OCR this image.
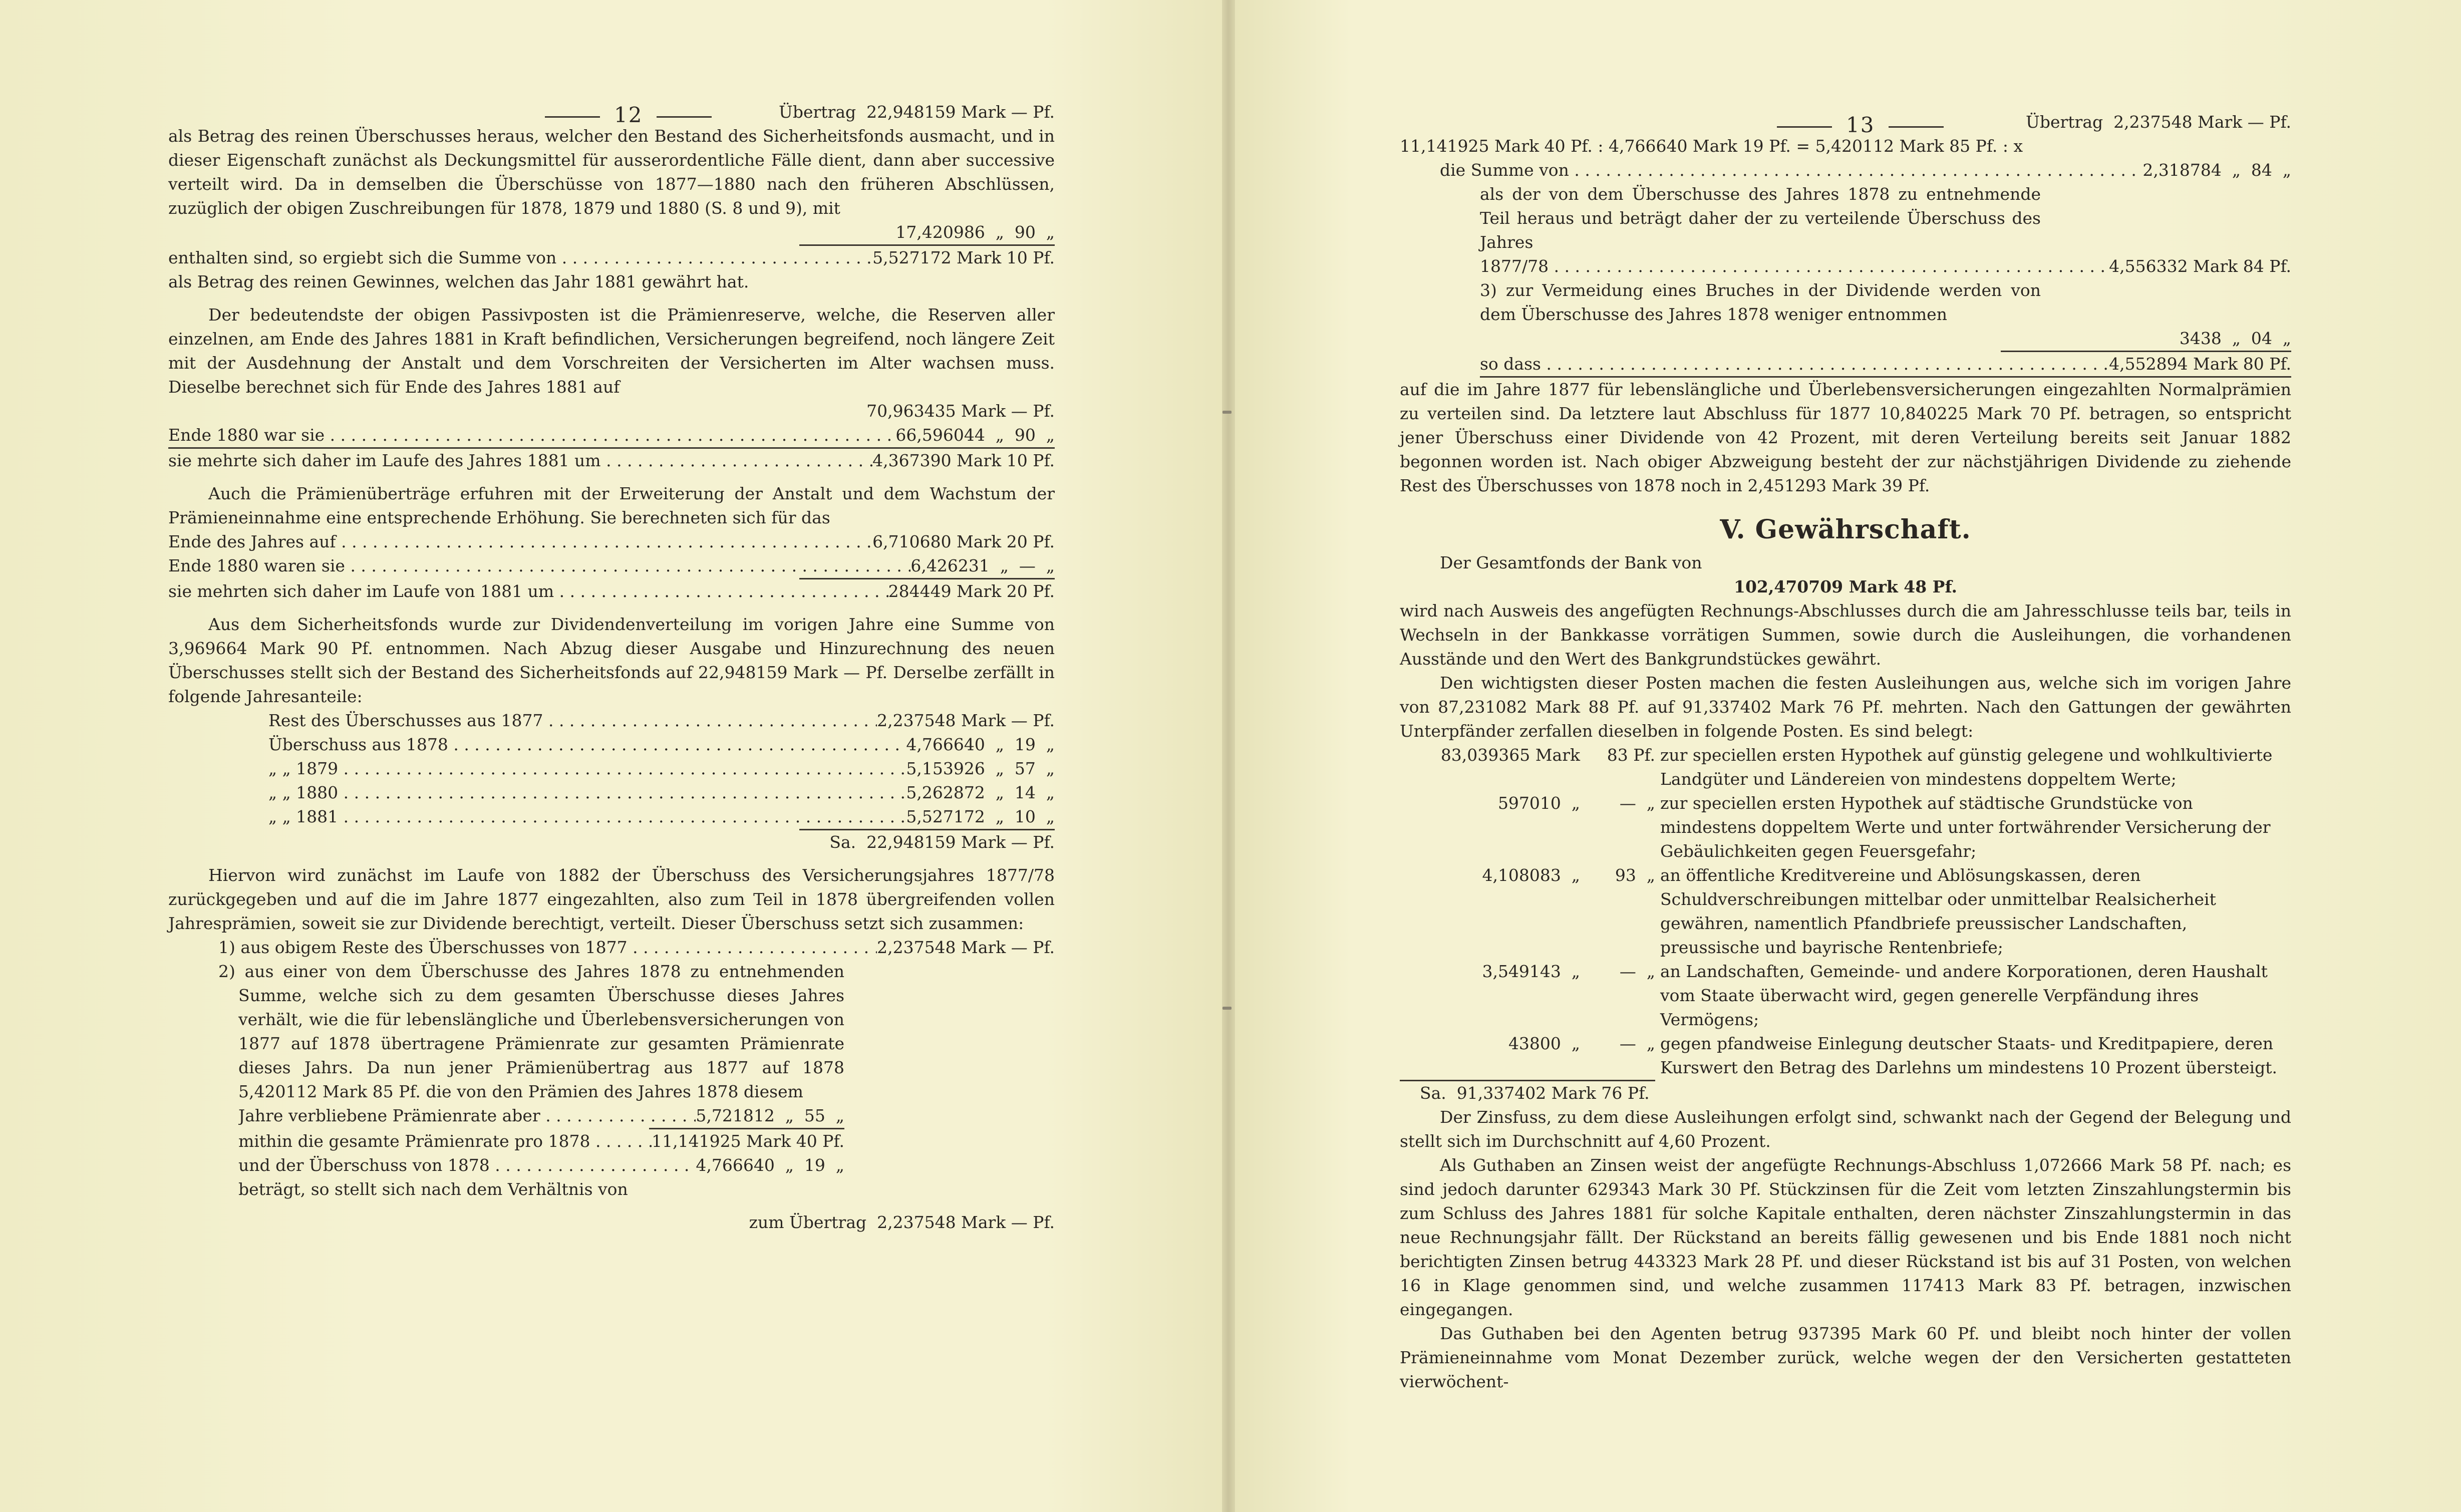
12	Übertrag  22,948159 Mark — Pf.

als Betrag des reinen Überschusses heraus, welcher den Bestand des Sicherheitsfonds ausmacht, und in dieser Eigenschaft zunächst als Deckungsmittel für ausserordentliche Fälle dient, dann aber successive verteilt wird. Da in demselben die Überschüsse von 1877—1880 nach den früheren Abschlüssen, zuzüglich der obigen Zuschreibungen für 1878, 1879 und 1880 (S. 8 und 9), mit

17,420986  „  90  „
enthalten sind, so ergiebt sich die Summe von . .	5,527172 Mark 10 Pf.

als Betrag des reinen Gewinnes, welchen das Jahr 1881 gewährt hat.

Der bedeutendste der obigen Passivposten ist die Prämienreserve, welche, die Reserven aller einzelnen, am Ende des Jahres 1881 in Kraft befindlichen, Versicherungen begreifend, noch längere Zeit mit der Ausdehnung der Anstalt und dem Vorschreiten der Versicherten im Alter wachsen muss. Dieselbe berechnet sich für Ende des Jahres 1881 auf

70,963435 Mark — Pf.
Ende 1880 war sie . .	66,596044  „  90  „
sie mehrte sich daher im Laufe des Jahres 1881 um . .	4,367390 Mark 10 Pf.

Auch die Prämienüberträge erfuhren mit der Erweiterung der Anstalt und dem Wachstum der Prämieneinnahme eine entsprechende Erhöhung. Sie berechneten sich für das

Ende des Jahres auf . .	6,710680 Mark 20 Pf.
Ende 1880 waren sie . .	6,426231  „  —  „
sie mehrten sich daher im Laufe von 1881 um . .	284449 Mark 20 Pf.

Aus dem Sicherheitsfonds wurde zur Dividendenverteilung im vorigen Jahre eine Summe von 3,969664 Mark 90 Pf. entnommen. Nach Abzug dieser Ausgabe und Hinzurechnung des neuen Überschusses stellt sich der Bestand des Sicherheitsfonds auf 22,948159 Mark — Pf. Derselbe zerfällt in folgende Jahresanteile:

Rest des Überschusses aus 1877 . .	2,237548 Mark — Pf.
Überschuss aus 1878 . .	4,766640  „  19  „
„ „ 1879 . .	5,153926  „  57  „
„ „ 1880 . .	5,262872  „  14  „
„ „ 1881 . .	5,527172  „  10  „
Sa.  22,948159 Mark — Pf.

Hiervon wird zunächst im Laufe von 1882 der Überschuss des Versicherungsjahres 1877/78 zurückgegeben und auf die im Jahre 1877 eingezahlten, also zum Teil in 1878 übergreifenden vollen Jahresprämien, soweit sie zur Dividende berechtigt, verteilt. Dieser Überschuss setzt sich zusammen:

1) aus obigem Reste des Überschusses von 1877 . .	2,237548 Mark — Pf.

2) aus einer von dem Überschusse des Jahres 1878 zu entnehmenden Summe, welche sich zu dem gesamten Überschusse dieses Jahres verhält, wie die für lebenslängliche und Überlebensversicherungen von 1877 auf 1878 übertragene Prämienrate zur gesamten Prämienrate dieses Jahrs. Da nun jener Prämienübertrag aus 1877 auf 1878 5,420112 Mark 85 Pf. die von den Prämien des Jahres 1878 diesem

Jahre verbliebene Prämienrate aber . .	5,721812  „  55  „
mithin die gesamte Prämienrate pro 1878 . .	11,141925 Mark 40 Pf.
und der Überschuss von 1878 . .	4,766640  „  19  „

beträgt, so stellt sich nach dem Verhältnis von

zum Übertrag  2,237548 Mark — Pf.
13	Übertrag  2,237548 Mark — Pf.
11,141925 Mark 40 Pf. : 4,766640 Mark 19 Pf. = 5,420112 Mark 85 Pf. : x
die Summe von . .	2,318784  „  84  „

als der von dem Überschusse des Jahres 1878 zu entnehmende Teil heraus und beträgt daher der zu verteilende Überschuss des Jahres

1877/78 . .	4,556332 Mark 84 Pf.

3) zur Vermeidung eines Bruches in der Dividende werden von dem Überschusse des Jahres 1878 weniger entnommen

3438  „  04  „
so dass . .	4,552894 Mark 80 Pf.

auf die im Jahre 1877 für lebenslängliche und Überlebensversicherungen eingezahlten Normalprämien zu verteilen sind. Da letztere laut Abschluss für 1877 10,840225 Mark 70 Pf. betragen, so entspricht jener Überschuss einer Dividende von 42 Prozent, mit deren Verteilung bereits seit Januar 1882 begonnen worden ist. Nach obiger Abzweigung besteht der zur nächstjährigen Dividende zu ziehende Rest des Überschusses von 1878 noch in 2,451293 Mark 39 Pf.

V. Gewährschaft.

Der Gesamtfonds der Bank von

102,470709 Mark 48 Pf.

wird nach Ausweis des angefügten Rechnungs-Abschlusses durch die am Jahresschlusse teils bar, teils in Wechseln in der Bankkasse vorrätigen Summen, sowie durch die Ausleihungen, die vorhandenen Ausstände und den Wert des Bankgrundstückes gewährt.

Den wichtigsten dieser Posten machen die festen Ausleihungen aus, welche sich im vorigen Jahre von 87,231082 Mark 88 Pf. auf 91,337402 Mark 76 Pf. mehrten. Nach den Gattungen der gewährten Unterpfänder zerfallen dieselben in folgende Posten. Es sind belegt:

83,039365 Mark	83 Pf. zur speciellen ersten Hypothek auf günstig gelegene und wohlkultivierte Landgüter und Ländereien von mindestens doppeltem Werte;
597010  „	—  „ zur speciellen ersten Hypothek auf städtische Grundstücke von mindestens doppeltem Werte und unter fortwährender Versicherung der Gebäulichkeiten gegen Feuersgefahr;
4,108083  „	93  „ an öffentliche Kreditvereine und Ablösungskassen, deren Schuldverschreibungen mittelbar oder unmittelbar Realsicherheit gewähren, namentlich Pfandbriefe preussischer Landschaften, preussische und bayrische Rentenbriefe;
3,549143  „	—  „ an Landschaften, Gemeinde- und andere Korporationen, deren Haushalt vom Staate überwacht wird, gegen generelle Verpfändung ihres Vermögens;
43800  „	—  „ gegen pfandweise Einlegung deutscher Staats- und Kreditpapiere, deren Kurswert den Betrag des Darlehns um mindestens 10 Prozent übersteigt.
Sa.  91,337402 Mark 76 Pf.

Der Zinsfuss, zu dem diese Ausleihungen erfolgt sind, schwankt nach der Gegend der Belegung und stellt sich im Durchschnitt auf 4,60 Prozent.

Als Guthaben an Zinsen weist der angefügte Rechnungs-Abschluss 1,072666 Mark 58 Pf. nach; es sind jedoch darunter 629343 Mark 30 Pf. Stückzinsen für die Zeit vom letzten Zinszahlungstermin bis zum Schluss des Jahres 1881 für solche Kapitale enthalten, deren nächster Zinszahlungstermin in das neue Rechnungsjahr fällt. Der Rückstand an bereits fällig gewesenen und bis Ende 1881 noch nicht berichtigten Zinsen betrug 443323 Mark 28 Pf. und dieser Rückstand ist bis auf 31 Posten, von welchen 16 in Klage genommen sind, und welche zusammen 117413 Mark 83 Pf. betragen, inzwischen eingegangen.

Das Guthaben bei den Agenten betrug 937395 Mark 60 Pf. und bleibt noch hinter der vollen Prämieneinnahme vom Monat Dezember zurück, welche wegen der den Versicherten gestatteten vierwöchent-
